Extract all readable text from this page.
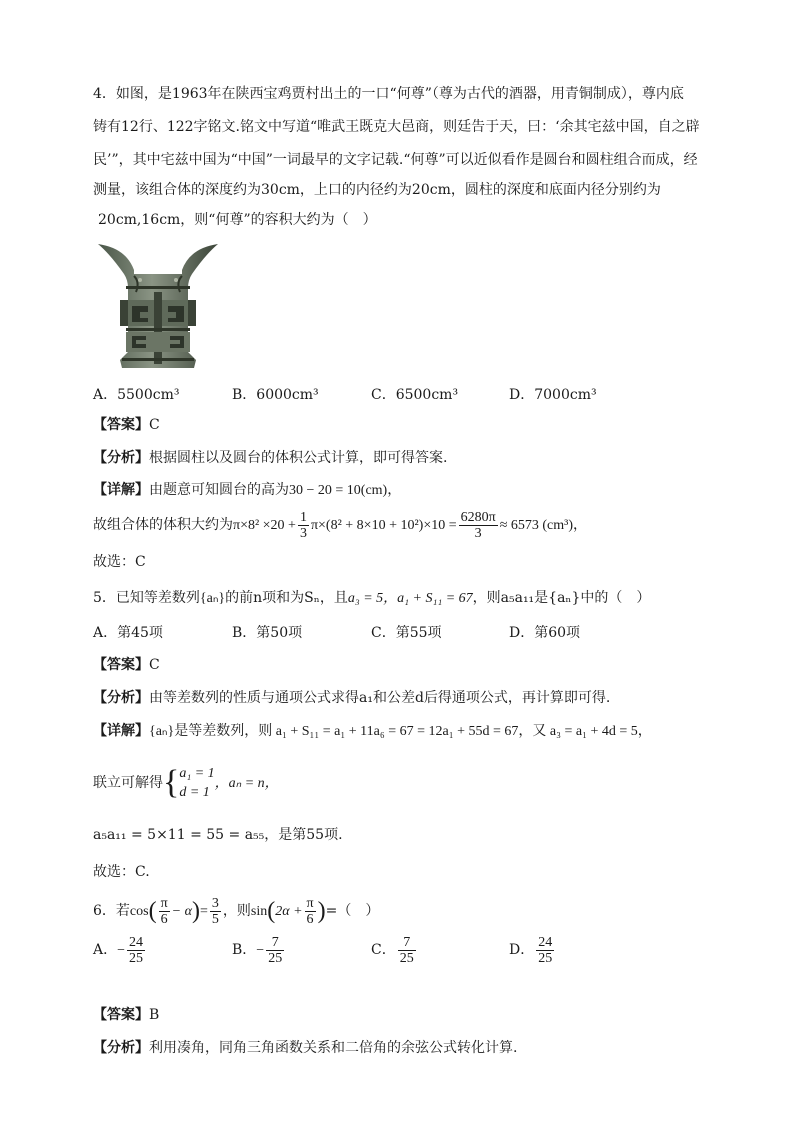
4．如图，是1963年在陕西宝鸡贾村出土的一口“何尊”（尊为古代的酒器，用青铜制成），尊内底
铸有12行、122字铭文.铭文中写道“唯武王既克大邑商，则廷告于天，曰：‘余其宅兹中国，自之辟
民’”，其中宅兹中国为“中国”一词最早的文字记载.“何尊”可以近似看作是圆台和圆柱组合而成，经
测量，该组合体的深度约为30cm，上口的内径约为20cm，圆柱的深度和底面内径分别约为
20cm,16cm，则“何尊”的容积大约为（　）
A．5500cm³	B．6000cm³	C．6500cm³	D．7000cm³
【答案】C
【分析】根据圆柱以及圆台的体积公式计算，即可得答案.
【详解】由题意可知圆台的高为30 − 20 = 10(cm)，
故组合体的体积大约为$\pi\times 8^2 \times 20 + \frac{1}{3} \pi\times(8^2 + 8\times 10 + 10^2)\times 10 = \frac{6280\pi}{3} \approx 6573$ (cm³)，
故选：C
5．已知等差数列{aₙ}的前n项和为Sₙ，且a₃ = 5，a₁ + S₁₁ = 67，则a₅a₁₁是{aₙ}中的（　）
A．第45项	B．第50项	C．第55项	D．第60项
【答案】C
【分析】由等差数列的性质与通项公式求得a₁和公差d后得通项公式，再计算即可得.
【详解】{aₙ}是等差数列，则 a₁ + S₁₁ = a₁ + 11a₆ = 67 = 12a₁ + 55d = 67，又 a₃ = a₁ + 4d = 5，
联立可解得{ a₁ = 1
d = 1
，aₙ = n，
a₅a₁₁ = 5×11 = 55 = a₅₅，是第55项.
故选：C.
6．若$\cos( \frac{\pi}{6} - \alpha)= \frac{3}{5}$ ，则$\sin(2\alpha + \frac{\pi}{6}$ )=（　）
A．− $\frac{24}{25}$	B．− $\frac{7}{25}$	C． $\frac{7}{25}$	D． $\frac{24}{25}$
【答案】B
【分析】利用凑角，同角三角函数关系和二倍角的余弦公式转化计算.
